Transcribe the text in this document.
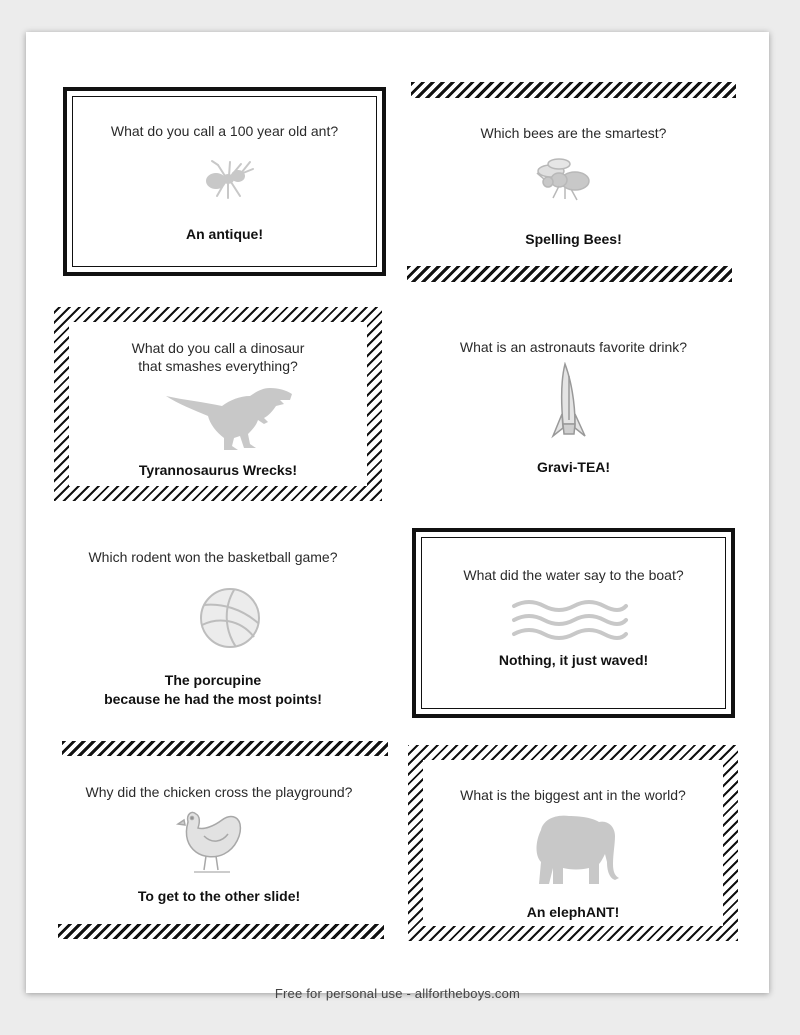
What do you call a 100 year old ant?
An antique!
Which bees are the smartest?
Spelling Bees!
What do you call a dinosaur
that smashes everything?
Tyrannosaurus Wrecks!
What is an astronauts favorite drink?
Gravi-TEA!
Which rodent won the basketball game?
The porcupine
because he had the most points!
What did the water say to the boat?
Nothing, it just waved!
Why did the chicken cross the playground?
To get to the other slide!
What is the biggest ant in the world?
An elephANT!
Free for personal use - allfortheboys.com
